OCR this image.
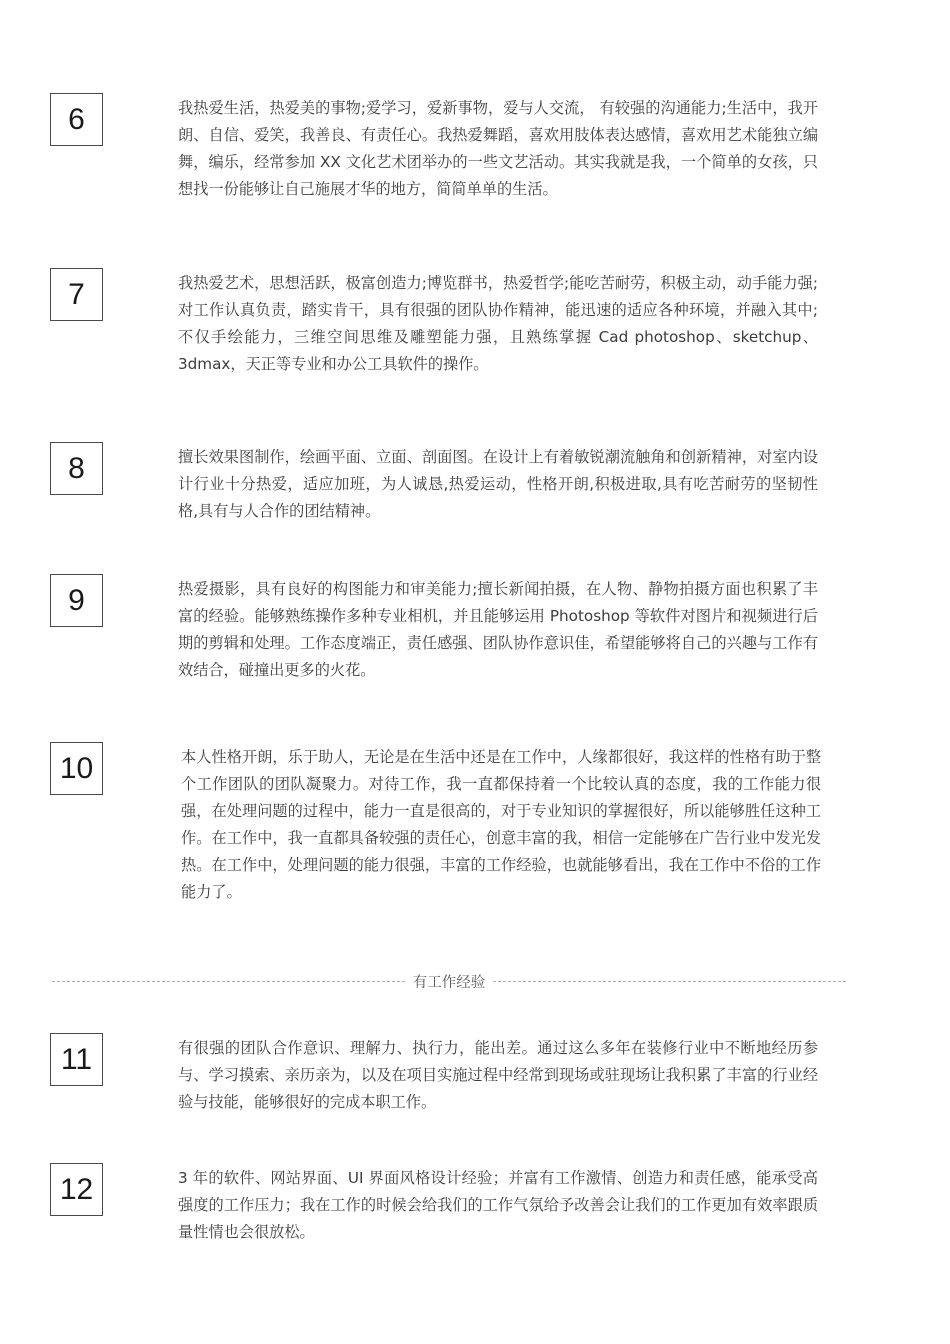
6	我热爱生活，热爱美的事物;爱学习，爱新事物，爱与人交流， 有较强的沟通能力;生活中，我开朗、自信、爱笑，我善良、有责任心。我热爱舞蹈，喜欢用肢体表达感情，喜欢用艺术能独立编舞，编乐，经常参加 XX 文化艺术团举办的一些文艺活动。其实我就是我，一个简单的女孩，只想找一份能够让自己施展才华的地方，简简单单的生活。

7	我热爱艺术，思想活跃，极富创造力;博览群书，热爱哲学;能吃苦耐劳，积极主动，动手能力强;对工作认真负责，踏实肯干，具有很强的团队协作精神，能迅速的适应各种环境，并融入其中;不仅手绘能力，三维空间思维及雕塑能力强，且熟练掌握 Cad photoshop、sketchup、3dmax，天正等专业和办公工具软件的操作。

8	擅长效果图制作，绘画平面、立面、剖面图。在设计上有着敏锐潮流触角和创新精神，对室内设计行业十分热爱，适应加班，为人诚恳,热爱运动，性格开朗,积极进取,具有吃苦耐劳的坚韧性格,具有与人合作的团结精神。

9	热爱摄影，具有良好的构图能力和审美能力;擅长新闻拍摄，在人物、静物拍摄方面也积累了丰富的经验。能够熟练操作多种专业相机，并且能够运用 Photoshop 等软件对图片和视频进行后期的剪辑和处理。工作态度端正，责任感强、团队协作意识佳，希望能够将自己的兴趣与工作有效结合，碰撞出更多的火花。

10	本人性格开朗，乐于助人，无论是在生活中还是在工作中，人缘都很好，我这样的性格有助于整个工作团队的团队凝聚力。对待工作，我一直都保持着一个比较认真的态度，我的工作能力很强，在处理问题的过程中，能力一直是很高的，对于专业知识的掌握很好，所以能够胜任这种工作。在工作中，我一直都具备较强的责任心，创意丰富的我，相信一定能够在广告行业中发光发热。在工作中，处理问题的能力很强，丰富的工作经验，也就能够看出，我在工作中不俗的工作能力了。

有工作经验
11	有很强的团队合作意识、理解力、执行力，能出差。通过这么多年在装修行业中不断地经历参与、学习摸索、亲历亲为，以及在项目实施过程中经常到现场或驻现场让我积累了丰富的行业经验与技能，能够很好的完成本职工作。

12	3 年的软件、网站界面、UI 界面风格设计经验；并富有工作激情、创造力和责任感，能承受高强度的工作压力；我在工作的时候会给我们的工作气氛给予改善会让我们的工作更加有效率跟质量性情也会很放松。
